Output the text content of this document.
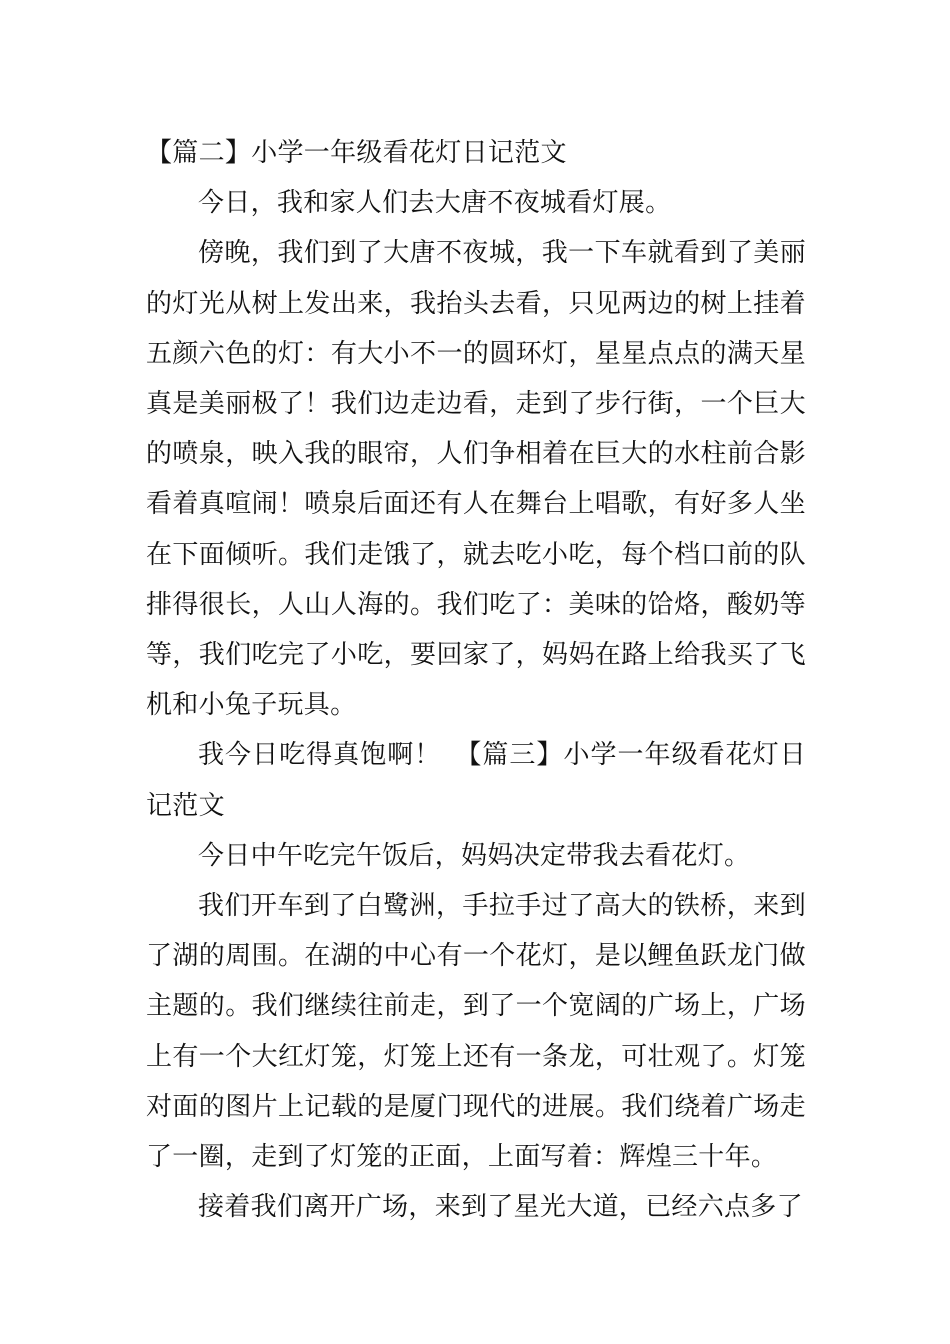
【篇二】小学一年级看花灯日记范文

今日，我和家人们去大唐不夜城看灯展。

傍晚，我们到了大唐不夜城，我一下车就看到了美丽的灯光从树上发出来，我抬头去看，只见两边的树上挂着五颜六色的灯：有大小不一的圆环灯，星星点点的满天星真是美丽极了！我们边走边看，走到了步行街，一个巨大的喷泉，映入我的眼帘，人们争相着在巨大的水柱前合影看着真喧闹！喷泉后面还有人在舞台上唱歌，有好多人坐在下面倾听。我们走饿了，就去吃小吃，每个档口前的队排得很长，人山人海的。我们吃了：美味的饸烙，酸奶等等，我们吃完了小吃，要回家了，妈妈在路上给我买了飞机和小兔子玩具。

我今日吃得真饱啊！　【篇三】小学一年级看花灯日记范文

今日中午吃完午饭后，妈妈决定带我去看花灯。

我们开车到了白鹭洲，手拉手过了高大的铁桥，来到了湖的周围。在湖的中心有一个花灯，是以鲤鱼跃龙门做主题的。我们继续往前走，到了一个宽阔的广场上，广场上有一个大红灯笼，灯笼上还有一条龙，可壮观了。灯笼对面的图片上记载的是厦门现代的进展。我们绕着广场走了一圈，走到了灯笼的正面，上面写着：辉煌三十年。

接着我们离开广场，来到了星光大道，已经六点多了
